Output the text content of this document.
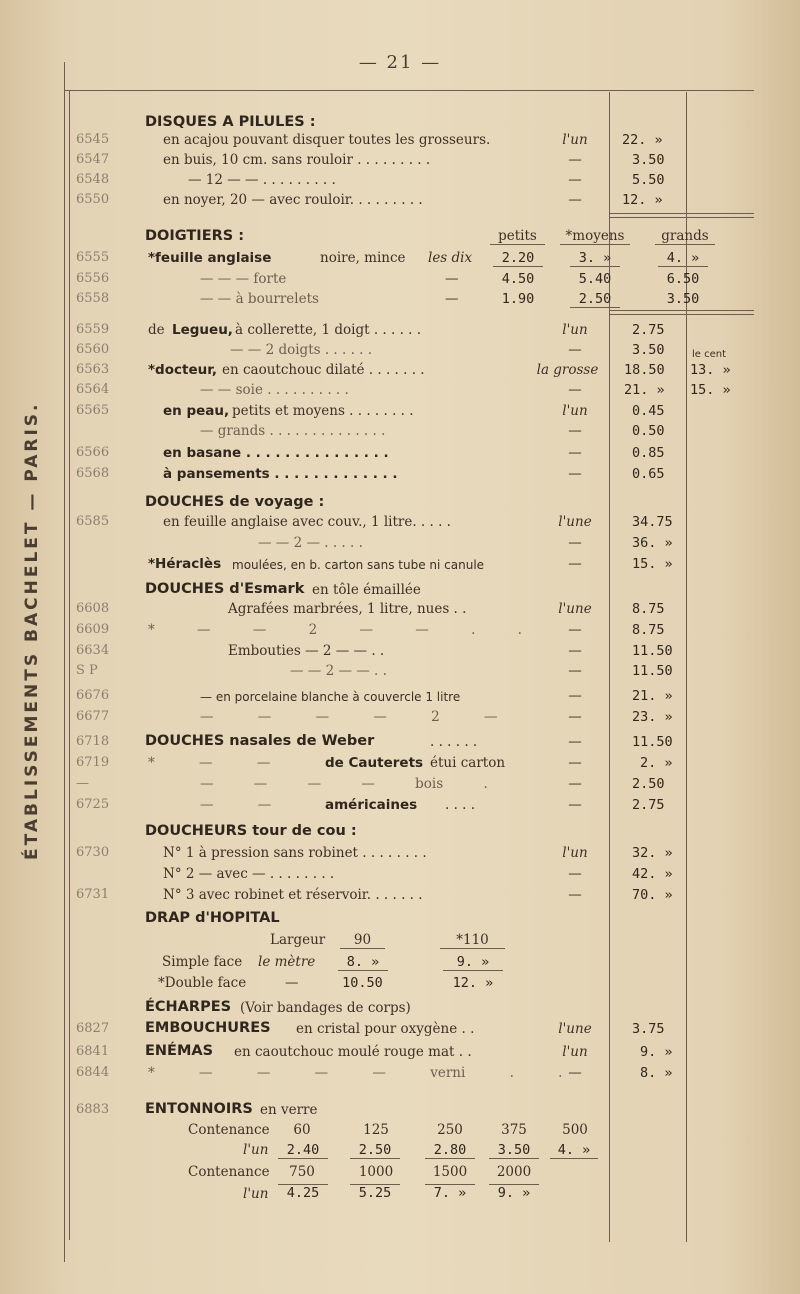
— 21 —
ÉTABLISSEMENTS BACHELET — PARIS.
DISQUES A PILULES :
6545	en acajou pouvant disquer toutes les grosseurs.	l'un	22. »
6547	en buis, 10 cm. sans rouloir . . . . . . . . .	—	3.50
6548	— 12 — — . . . . . . . . .	—	5.50
6550	en noyer, 20 — avec rouloir. . . . . . . . .	—	12. »
DOIGTIERS :	petits	*moyens	grands
6555	*feuille anglaise	noire, mince les dix	2.20	3. »	4. »
6556	— — — forte	—	4.50	5.40	6.50
6558	— — à bourrelets	—	1.90	2.50	3.50
le cent
6559	de Legueu, à collerette, 1 doigt . . . . . .	l'un	2.75
6560	— — 2 doigts . . . . . .	—	3.50
6563	*docteur, en caoutchouc dilaté . . . . . . .	la grosse	18.50 13. »
6564	— — soie . . . . . . . . . .	—	21. » 15. »
6565	en peau, petits et moyens . . . . . . . .	l'un	0.45
— grands . . . . . . . . . . . . . .	—	0.50
6566	en basane . . . . . . . . . . . . . . .	—	0.85
6568	à pansements . . . . . . . . . . . . .	—	0.65
DOUCHES de voyage :
6585	en feuille anglaise avec couv., 1 litre. . . . .	l'une	34.75
— — 2 — . . . . .	—	36. »
*Héraclès moulées, en b. carton sans tube ni canule	—	15. »
DOUCHES d'Esmark en tôle émaillée
6608	Agrafées marbrées, 1 litre, nues . .	l'une	8.75
6609	* — — 2 — — . .	—	8.75
6634	Embouties — 2 — — . .	—	11.50
S P	— — 2 — — . .	—	11.50
6676	— en porcelaine blanche à couvercle 1 litre	—	21. »
6677	— — — — 2 —	—	23. »
6718 DOUCHES nasales de Weber	. . . . . .	—	11.50
6719	* — —	de Cauterets étui carton	—	2. »
—	— — — — bois .	—	2.50
6725	— —	américaines . . . .	—	2.75
DOUCHEURS tour de cou :
6730	N° 1 à pression sans robinet . . . . . . . .	l'un	32. »
N° 2 — avec — . . . . . . . .	—	42. »
6731	N° 3 avec robinet et réservoir. . . . . . .	—	70. »
DRAP d'HOPITAL
Largeur	90	*110
Simple face le mètre	8. »	9. »
*Double face	—	10.50	12. »
ÉCHARPES (Voir bandages de corps)
6827 EMBOUCHURES en cristal pour oxygène . .	l'une	3.75
6841 ENÉMAS en caoutchouc moulé rouge mat . .	l'un	9. »
6844	* — — — — verni . . —	8. »
6883 ENTONNOIRS en verre
Contenance	60	125	250	375	500
l'un	2.40	2.50	2.80	3.50	4. »
Contenance	750	1000	1500 2000
l'un	4.25	5.25	7. »	9. »
